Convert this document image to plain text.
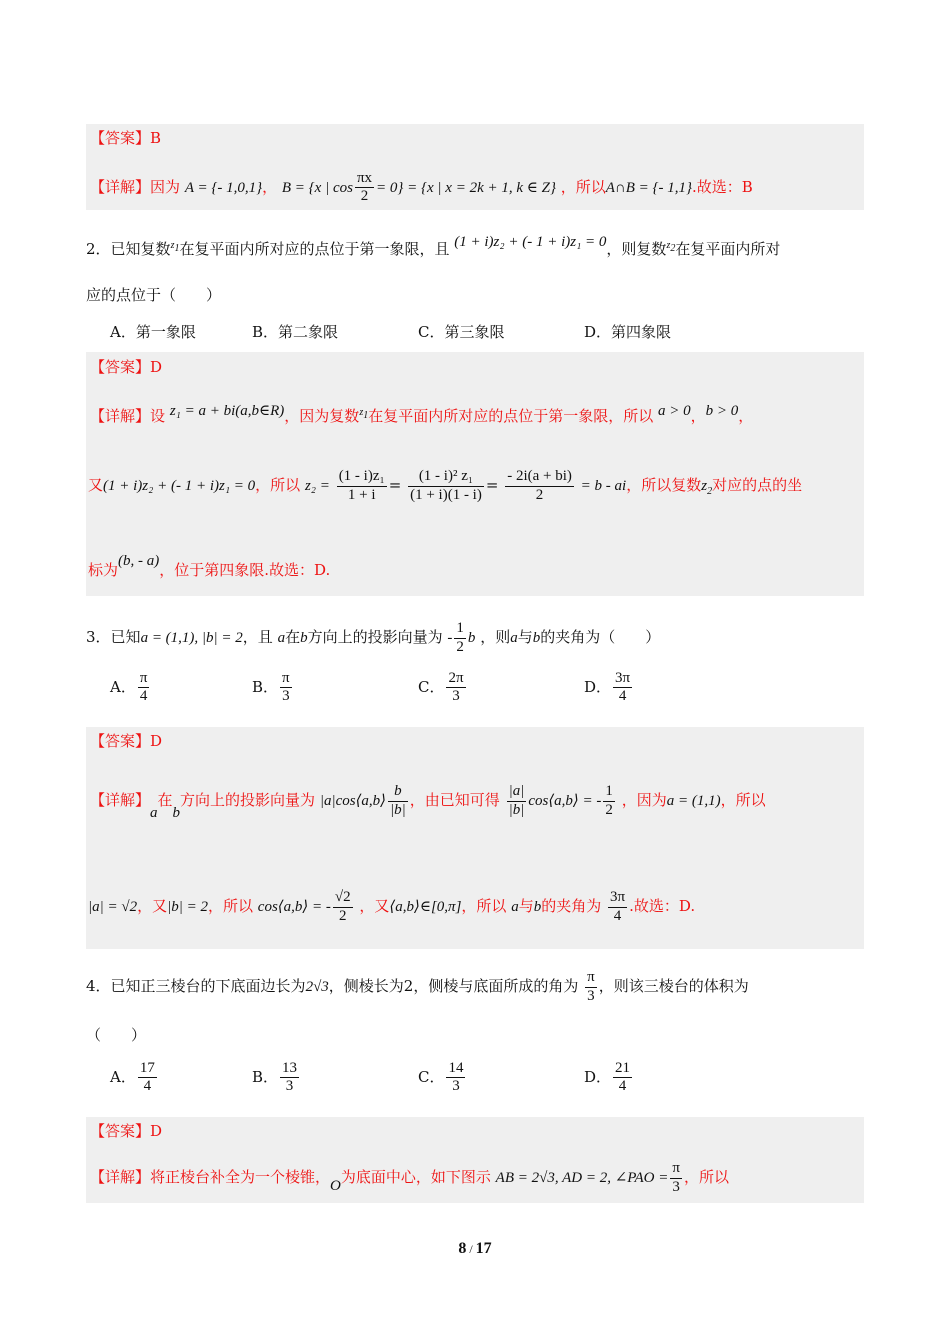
【答案】B
【详解】因为 A = {- 1,0,1}， B = {x | $\cos \frac{\pi x}{2} = 0\} = \{x$ | x = 2k + 1, k ∈ Z} ，所以A∩B = {- 1,1}.故选：B
2．已知复数$^{z_1}$在复平面内所对应的点位于第一象限，且 (1 + i)z₂ + (- 1 + i)z₁ = 0，则复数$^{z_2}$在复平面内所对
应的点位于（　　）
A．第一象限	B．第二象限	C．第三象限	D．第四象限
【答案】D
【详解】设 z₁ = a + bi(a,b∈R)，因为复数$^{z_1}$在复平面内所对应的点位于第一象限，所以 a > 0，b > 0，
又(1 + i)z₂ + (- 1 + i)z₁ = 0，所以 $z_2 = \frac{\text{(1 - i)z₁}}{1 + i} = \frac{\text{(1 - i)² z₁}}{(1 + i)(1 - i)} = \frac{- 2i(a + bi)}{2} = b$ - ai，所以复数$z_2$对应的点的坐
标为(b, - a)，位于第四象限.故选：D.
3．已知a = (1,1), |b| = 2，且 a在b方向上的投影向量为 - $\frac{1}{2}$ b ，则a与b的夹角为（　　）
A． $\frac{\pi}{4}$	B． $\frac{\pi}{3}$	C． $\frac{2\pi}{3}$	D． $\frac{3\pi}{4}$
【答案】D
【详解】a在b方向上的投影向量为 |a|cos⟨a,b⟩ $\frac{b}{|b|}$ ，由已知可得 $\frac{|a|}{|b|}$ cos⟨a,b⟩ = - $\frac{1}{2}$ ，因为a = (1,1)，所以
|a| = √2，又|b| = 2，所以 cos⟨a,b⟩ = - $\frac{√2}{2}$ ，又⟨a,b⟩∈[0,π]，所以 a与b的夹角为 $\frac{3\pi}{4}$ .故选：D.
4．已知正三棱台的下底面边长为2√3，侧棱长为2，侧棱与底面所成的角为 $\frac{\pi}{3}$ ，则该三棱台的体积为
（　　）
A． $\frac{17}{4}$	B． $\frac{13}{3}$	C． $\frac{14}{3}$	D． $\frac{21}{4}$
【答案】D
【详解】将正棱台补全为一个棱锥，O为底面中心，如下图示 AB = 2√3, AD = 2, ∠PAO = $\frac{\pi}{3}$ ，所以
8 / 17
